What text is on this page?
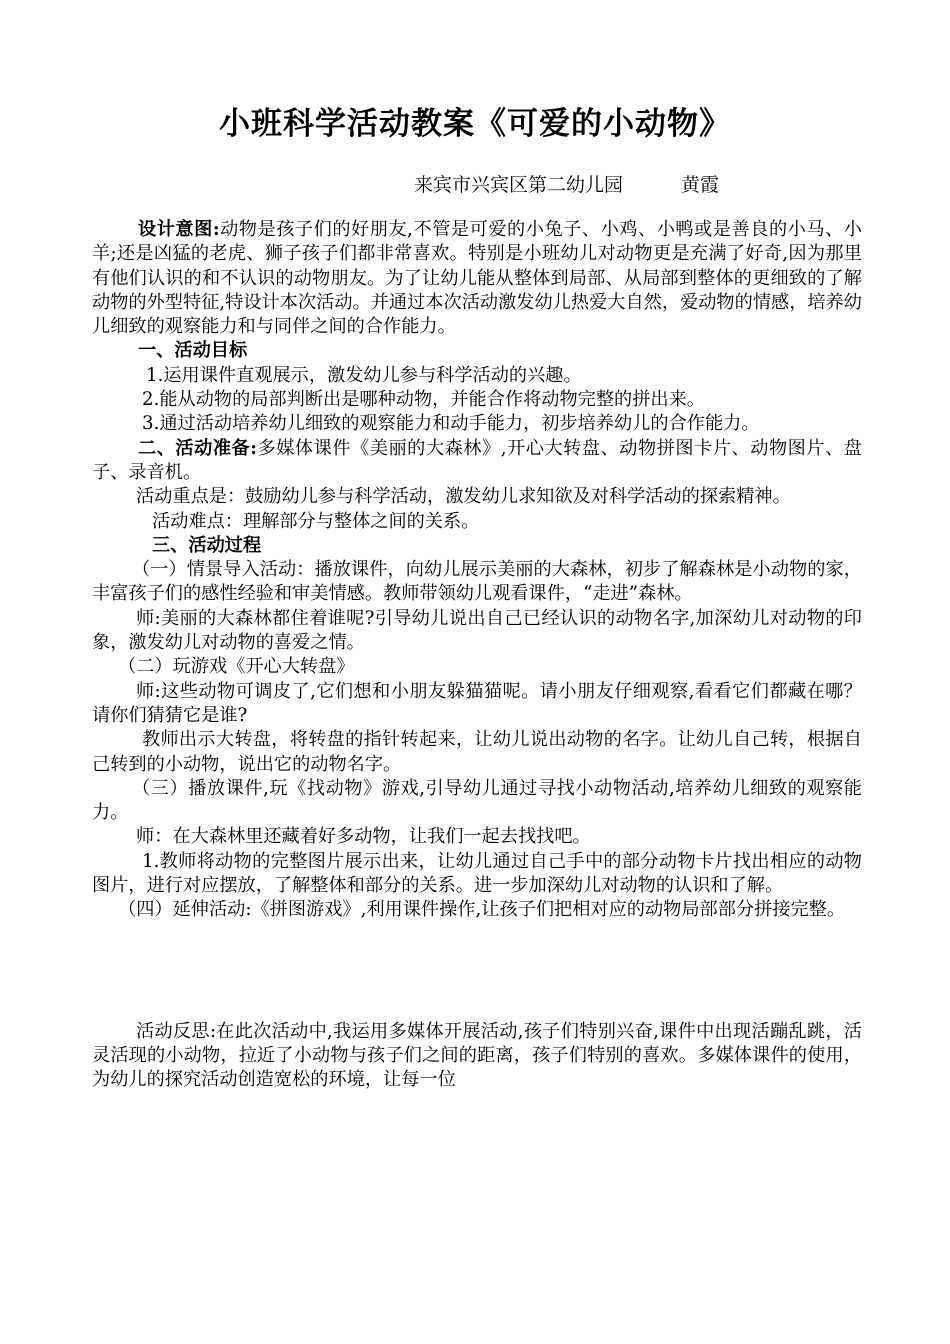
小班科学活动教案《可爱的小动物》
来宾市兴宾区第二幼儿园	黄霞

设计意图:动物是孩子们的好朋友,不管是可爱的小兔子、小鸡、小鸭或是善良的小马、小羊;还是凶猛的老虎、狮子孩子们都非常喜欢。特别是小班幼儿对动物更是充满了好奇,因为那里有他们认识的和不认识的动物朋友。为了让幼儿能从整体到局部、从局部到整体的更细致的了解动物的外型特征,特设计本次活动。并通过本次活动激发幼儿热爱大自然，爱动物的情感，培养幼儿细致的观察能力和与同伴之间的合作能力。

一、活动目标

1.运用课件直观展示，激发幼儿参与科学活动的兴趣。

2.能从动物的局部判断出是哪种动物，并能合作将动物完整的拼出来。

3.通过活动培养幼儿细致的观察能力和动手能力，初步培养幼儿的合作能力。

二、活动准备:多媒体课件《美丽的大森林》,开心大转盘、动物拼图卡片、动物图片、盘子、录音机。

活动重点是：鼓励幼儿参与科学活动，激发幼儿求知欲及对科学活动的探索精神。

活动难点：理解部分与整体之间的关系。

三、活动过程

（一）情景导入活动：播放课件，向幼儿展示美丽的大森林，初步了解森林是小动物的家，丰富孩子们的感性经验和审美情感。教师带领幼儿观看课件，“走进”森林。

师:美丽的大森林都住着谁呢?引导幼儿说出自己已经认识的动物名字,加深幼儿对动物的印象，激发幼儿对动物的喜爱之情。

（二）玩游戏《开心大转盘》

师:这些动物可调皮了,它们想和小朋友躲猫猫呢。请小朋友仔细观察,看看它们都藏在哪？请你们猜猜它是谁?

教师出示大转盘，将转盘的指针转起来，让幼儿说出动物的名字。让幼儿自己转，根据自己转到的小动物，说出它的动物名字。

（三）播放课件,玩《找动物》游戏,引导幼儿通过寻找小动物活动,培养幼儿细致的观察能力。

师：在大森林里还藏着好多动物，让我们一起去找找吧。

1.教师将动物的完整图片展示出来，让幼儿通过自己手中的部分动物卡片找出相应的动物图片，进行对应摆放，了解整体和部分的关系。进一步加深幼儿对动物的认识和了解。

（四）延伸活动:《拼图游戏》,利用课件操作,让孩子们把相对应的动物局部部分拼接完整。

活动反思:在此次活动中,我运用多媒体开展活动,孩子们特别兴奋,课件中出现活蹦乱跳，活灵活现的小动物，拉近了小动物与孩子们之间的距离，孩子们特别的喜欢。多媒体课件的使用，为幼儿的探究活动创造宽松的环境，让每一位
